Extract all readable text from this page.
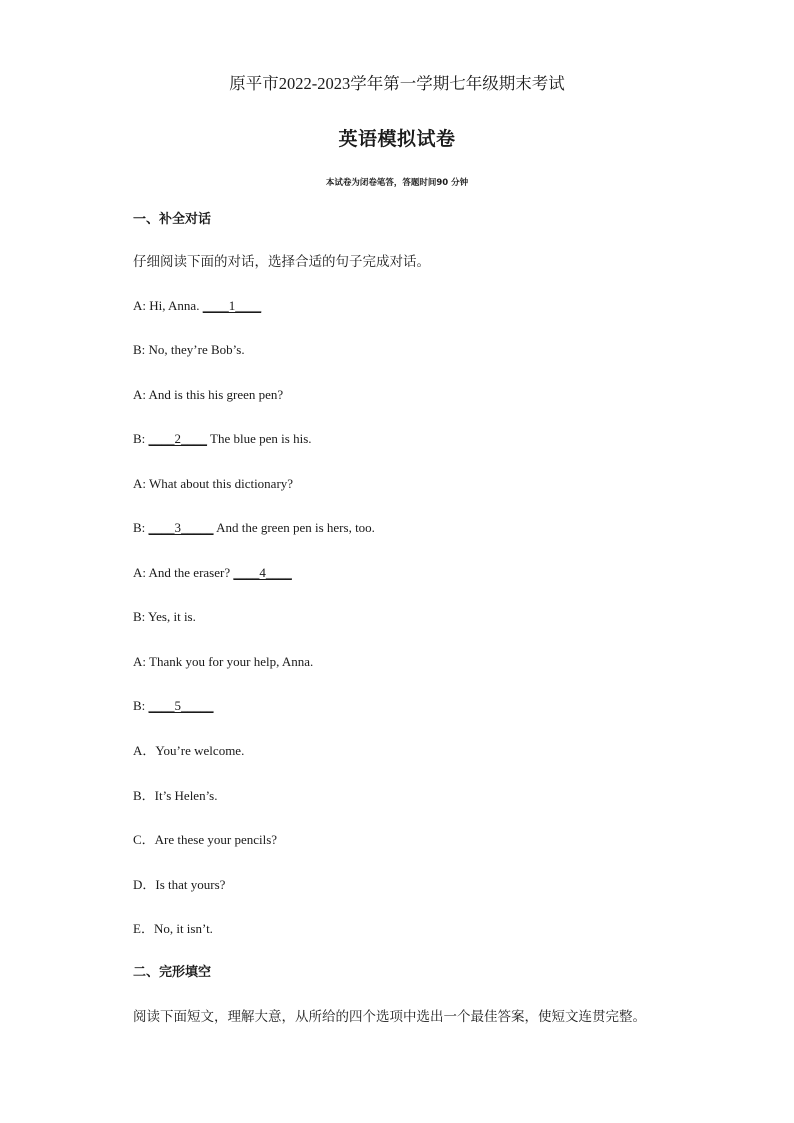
原平市2022-2023学年第一学期七年级期末考试
英语模拟试卷
本试卷为闭卷笔答，答题时间90 分钟
一、补全对话
仔细阅读下面的对话，选择合适的句子完成对话。
A: Hi, Anna. ____1____
B: No, they’re Bob’s.
A: And is this his green pen?
B: ____2____ The blue pen is his.
A: What about this dictionary?
B: ____3_____ And the green pen is hers, too.
A: And the eraser? ____4____
B: Yes, it is.
A: Thank you for your help, Anna.
B: ____5_____
A．You’re welcome.
B．It’s Helen’s.
C．Are these your pencils?
D．Is that yours?
E．No, it isn’t.
二、完形填空
阅读下面短文，理解大意，从所给的四个选项中选出一个最佳答案，使短文连贯完整。
